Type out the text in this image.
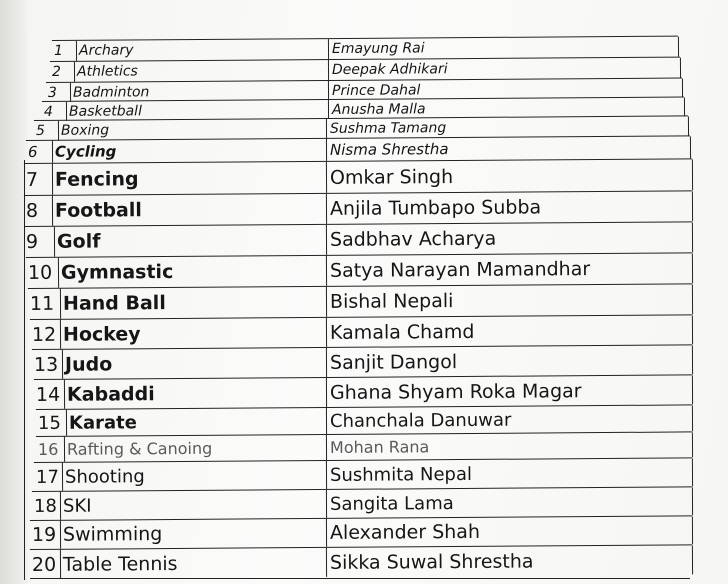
1	Archary	Emayung Rai
2	Athletics	Deepak Adhikari
3	Badminton	Prince Dahal
4	Basketball	Anusha Malla
5	Boxing	Sushma Tamang
6	Cycling	Nisma Shrestha
7 Fencing	Omkar Singh
8 Football	Anjila Tumbapo Subba
9 Golf	Sadbhav Acharya
10 Gymnastic	Satya Narayan Mamandhar
11 Hand Ball	Bishal Nepali
12 Hockey	Kamala Chamd
13 Judo	Sanjit Dangol
14 Kabaddi	Ghana Shyam Roka Magar
15 Karate	Chanchala Danuwar
16 Rafting & Canoing	Mohan Rana
17 Shooting	Sushmita Nepal
18 SKI	Sangita Lama
19 Swimming	Alexander Shah
20 Table Tennis	Sikka Suwal Shrestha
